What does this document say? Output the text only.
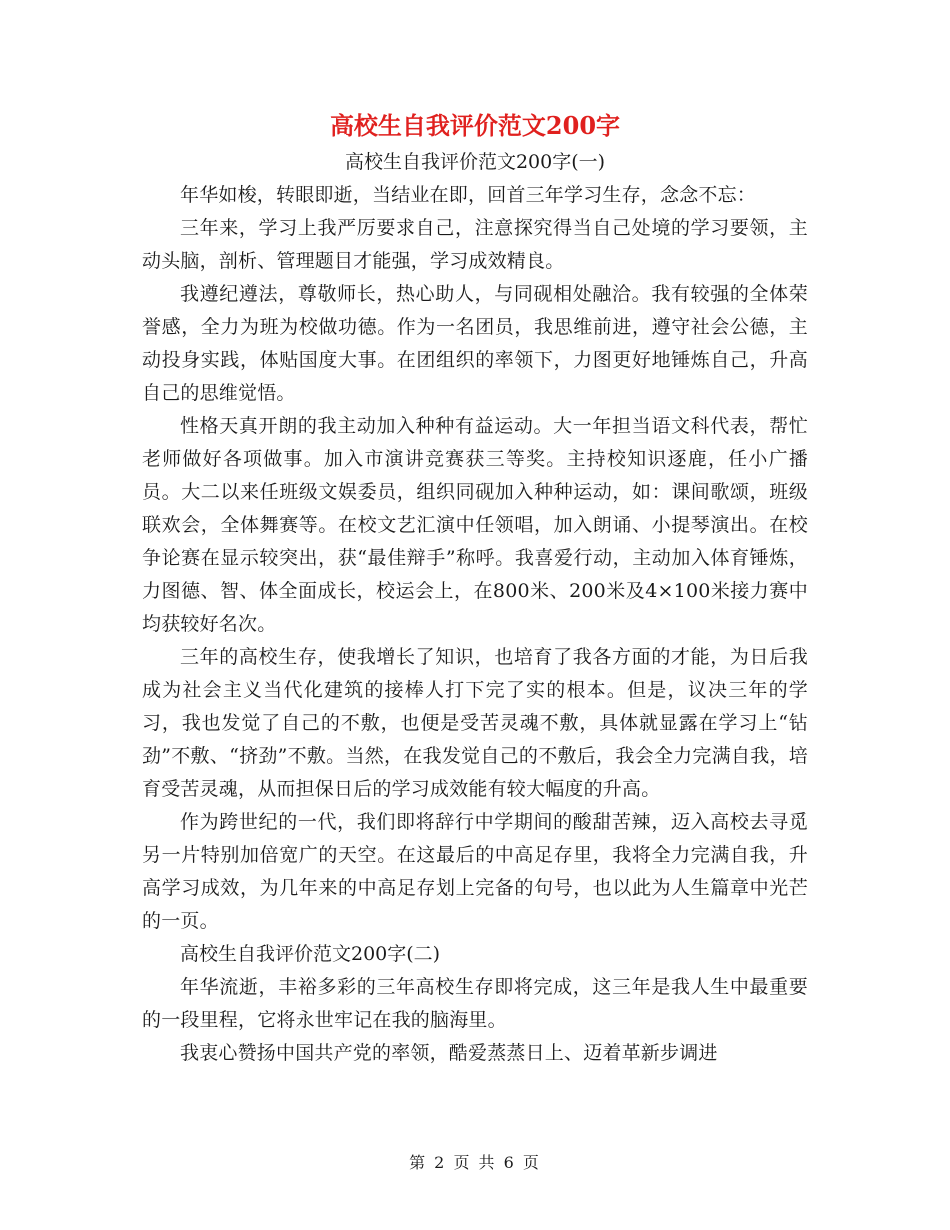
高校生自我评价范文200字

高校生自我评价范文200字(一)

年华如梭，转眼即逝，当结业在即，回首三年学习生存，念念不忘：

三年来，学习上我严厉要求自己，注意探究得当自己处境的学习要领，主动头脑，剖析、管理题目才能强，学习成效精良。

我遵纪遵法，尊敬师长，热心助人，与同砚相处融洽。我有较强的全体荣誉感，全力为班为校做功德。作为一名团员，我思维前进，遵守社会公德，主动投身实践，体贴国度大事。在团组织的率领下，力图更好地锤炼自己，升高自己的思维觉悟。

性格天真开朗的我主动加入种种有益运动。大一年担当语文科代表，帮忙老师做好各项做事。加入市演讲竞赛获三等奖。主持校知识逐鹿，任小广播员。大二以来任班级文娱委员，组织同砚加入种种运动，如：课间歌颂，班级联欢会，全体舞赛等。在校文艺汇演中任领唱，加入朗诵、小提琴演出。在校争论赛在显示较突出，获“最佳辩手”称呼。我喜爱行动，主动加入体育锤炼，力图德、智、体全面成长，校运会上，在800米、200米及4×100米接力赛中均获较好名次。

三年的高校生存，使我增长了知识，也培育了我各方面的才能，为日后我成为社会主义当代化建筑的接棒人打下完了实的根本。但是，议决三年的学习，我也发觉了自己的不敷，也便是受苦灵魂不敷，具体就显露在学习上“钻劲”不敷、“挤劲”不敷。当然，在我发觉自己的不敷后，我会全力完满自我，培育受苦灵魂，从而担保日后的学习成效能有较大幅度的升高。

作为跨世纪的一代，我们即将辞行中学期间的酸甜苦辣，迈入高校去寻觅另一片特别加倍宽广的天空。在这最后的中高足存里，我将全力完满自我，升高学习成效，为几年来的中高足存划上完备的句号，也以此为人生篇章中光芒的一页。

高校生自我评价范文200字(二)

年华流逝，丰裕多彩的三年高校生存即将完成，这三年是我人生中最重要的一段里程，它将永世牢记在我的脑海里。

我衷心赞扬中国共产党的率领，酷爱蒸蒸日上、迈着革新步调进

第 2 页 共 6 页
